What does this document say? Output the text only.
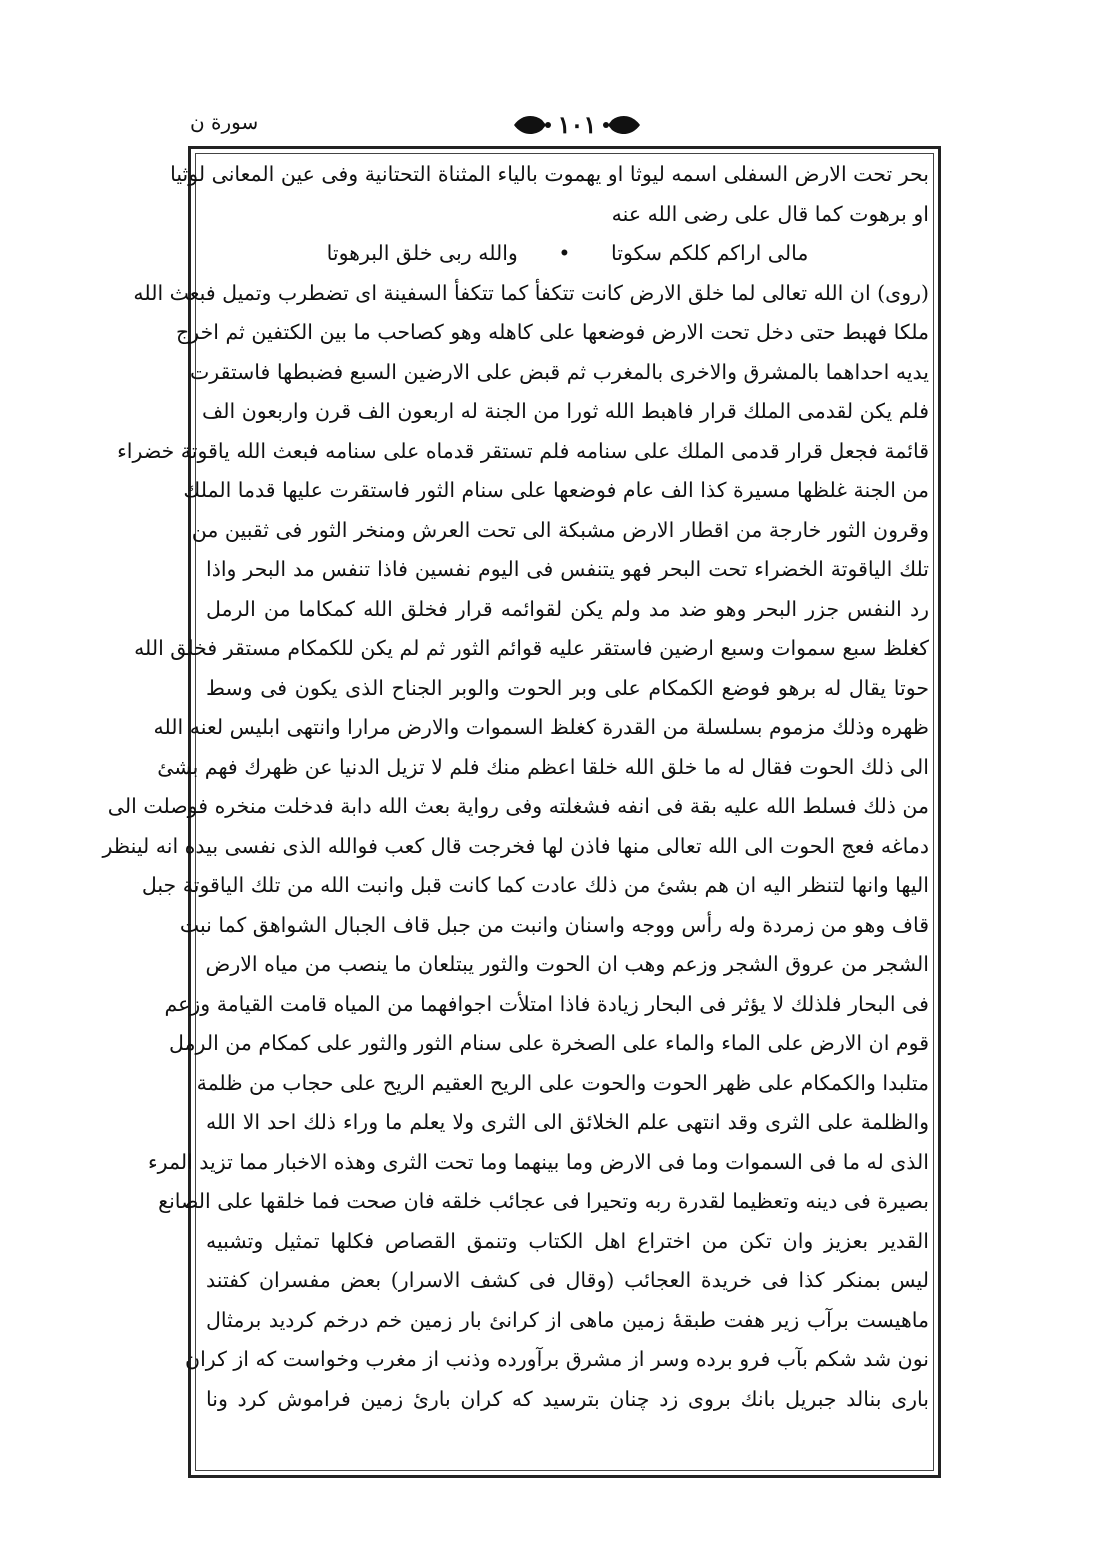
سورة ن	١٠١
بحر تحت الارض السفلى اسمه ليوثا او يهموت بالياء المثناة التحتانية وفى عين المعانى لوثيا
او برهوت كما قال على رضى الله عنه
مالى اراكم كلكم سكوتا • والله ربى خلق البرهوتا
(روى) ان الله تعالى لما خلق الارض كانت تتكفأ كما تتكفأ السفينة اى تضطرب وتميل فبعث الله
ملكا فهبط حتى دخل تحت الارض فوضعها على كاهله وهو كصاحب ما بين الكتفين ثم اخرج
يديه احداهما بالمشرق والاخرى بالمغرب ثم قبض على الارضين السبع فضبطها فاستقرت
فلم يكن لقدمى الملك قرار فاهبط الله ثورا من الجنة له اربعون الف قرن واربعون الف
قائمة فجعل قرار قدمى الملك على سنامه فلم تستقر قدماه على سنامه فبعث الله ياقوتة خضراء
من الجنة غلظها مسيرة كذا الف عام فوضعها على سنام الثور فاستقرت عليها قدما الملك
وقرون الثور خارجة من اقطار الارض مشبكة الى تحت العرش ومنخر الثور فى ثقبين من
تلك الياقوتة الخضراء تحت البحر فهو يتنفس فى اليوم نفسين فاذا تنفس مد البحر واذا
رد النفس جزر البحر وهو ضد مد ولم يكن لقوائمه قرار فخلق الله كمكاما من الرمل
كغلظ سبع سموات وسبع ارضين فاستقر عليه قوائم الثور ثم لم يكن للكمكام مستقر فخلق الله
حوتا يقال له برهو فوضع الكمكام على وبر الحوت والوبر الجناح الذى يكون فى وسط
ظهره وذلك مزموم بسلسلة من القدرة كغلظ السموات والارض مرارا وانتهى ابليس لعنه الله
الى ذلك الحوت فقال له ما خلق الله خلقا اعظم منك فلم لا تزيل الدنيا عن ظهرك فهم بشئ
من ذلك فسلط الله عليه بقة فى انفه فشغلته وفى رواية بعث الله دابة فدخلت منخره فوصلت الى
دماغه فعج الحوت الى الله تعالى منها فاذن لها فخرجت قال كعب فوالله الذى نفسى بيده انه لينظر
اليها وانها لتنظر اليه ان هم بشئ من ذلك عادت كما كانت قبل وانبت الله من تلك الياقوتة جبل
قاف وهو من زمردة وله رأس ووجه واسنان وانبت من جبل قاف الجبال الشواهق كما نبت
الشجر من عروق الشجر وزعم وهب ان الحوت والثور يبتلعان ما ينصب من مياه الارض
فى البحار فلذلك لا يؤثر فى البحار زيادة فاذا امتلأت اجوافهما من المياه قامت القيامة وزعم
قوم ان الارض على الماء والماء على الصخرة على سنام الثور والثور على كمكام من الرمل
متلبدا والكمكام على ظهر الحوت والحوت على الريح العقيم الريح على حجاب من ظلمة
والظلمة على الثرى وقد انتهى علم الخلائق الى الثرى ولا يعلم ما وراء ذلك احد الا الله
الذى له ما فى السموات وما فى الارض وما بينهما وما تحت الثرى وهذه الاخبار مما تزيد المرء
بصيرة فى دينه وتعظيما لقدرة ربه وتحيرا فى عجائب خلقه فان صحت فما خلقها على الصانع
القدير بعزيز وان تكن من اختراع اهل الكتاب وتنمق القصاص فكلها تمثيل وتشبيه
ليس بمنكر كذا فى خريدة العجائب (وقال فى كشف الاسرار) بعض مفسران كفتند
ماهيست برآب زير هفت طبقهٔ زمين ماهى از كرانئ بار زمين خم درخم كرديد برمثال
نون شد شكم بآب فرو برده وسر از مشرق برآورده وذنب از مغرب وخواست كه از كران
بارى بنالد جبريل بانك بروى زد چنان بترسيد كه كران بارئ زمين فراموش كرد ونا
